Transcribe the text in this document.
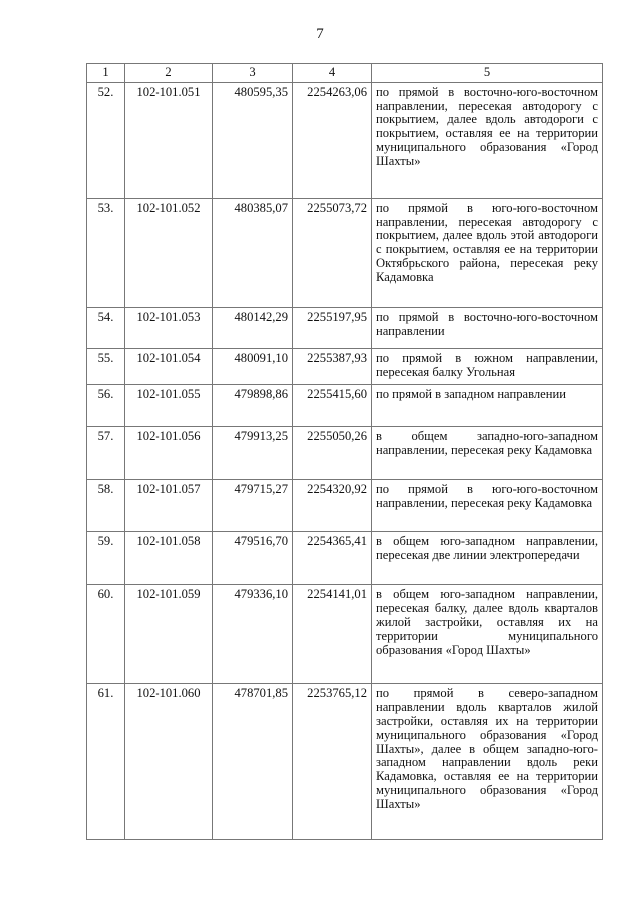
7
1	2	3	4	5
52.	102-101.051	480595,35	2254263,06	по прямой в восточно-юго-восточном направлении, пересекая автодорогу с покрытием, далее вдоль автодороги с покрытием, оставляя ее на территории муниципального образования «Город Шахты»
53.	102-101.052	480385,07	2255073,72	по прямой в юго-юго-восточном направлении, пересекая автодорогу с покрытием, далее вдоль этой автодороги с покрытием, оставляя ее на территории Октябрьского района, пересекая реку Кадамовка
54.	102-101.053	480142,29	2255197,95	по прямой в восточно-юго-восточном направлении
55.	102-101.054	480091,10	2255387,93	по прямой в южном направлении, пересекая балку Угольная
56.	102-101.055	479898,86	2255415,60	по прямой в западном направлении
57.	102-101.056	479913,25	2255050,26	в общем западно-юго-западном направлении, пересекая реку Кадамовка
58.	102-101.057	479715,27	2254320,92	по прямой в юго-юго-восточном направлении, пересекая реку Кадамовка
59.	102-101.058	479516,70	2254365,41	в общем юго-западном направлении, пересекая две линии электропередачи
60.	102-101.059	479336,10	2254141,01	в общем юго-западном направлении, пересекая балку, далее вдоль кварталов жилой застройки, оставляя их на территории муниципального образования «Город Шахты»
61.	102-101.060	478701,85	2253765,12	по прямой в северо-западном направлении вдоль кварталов жилой застройки, оставляя их на территории муниципального образования «Город Шахты», далее в общем западно-юго-западном направлении вдоль реки Кадамовка, оставляя ее на территории муниципального образования «Город Шахты»
